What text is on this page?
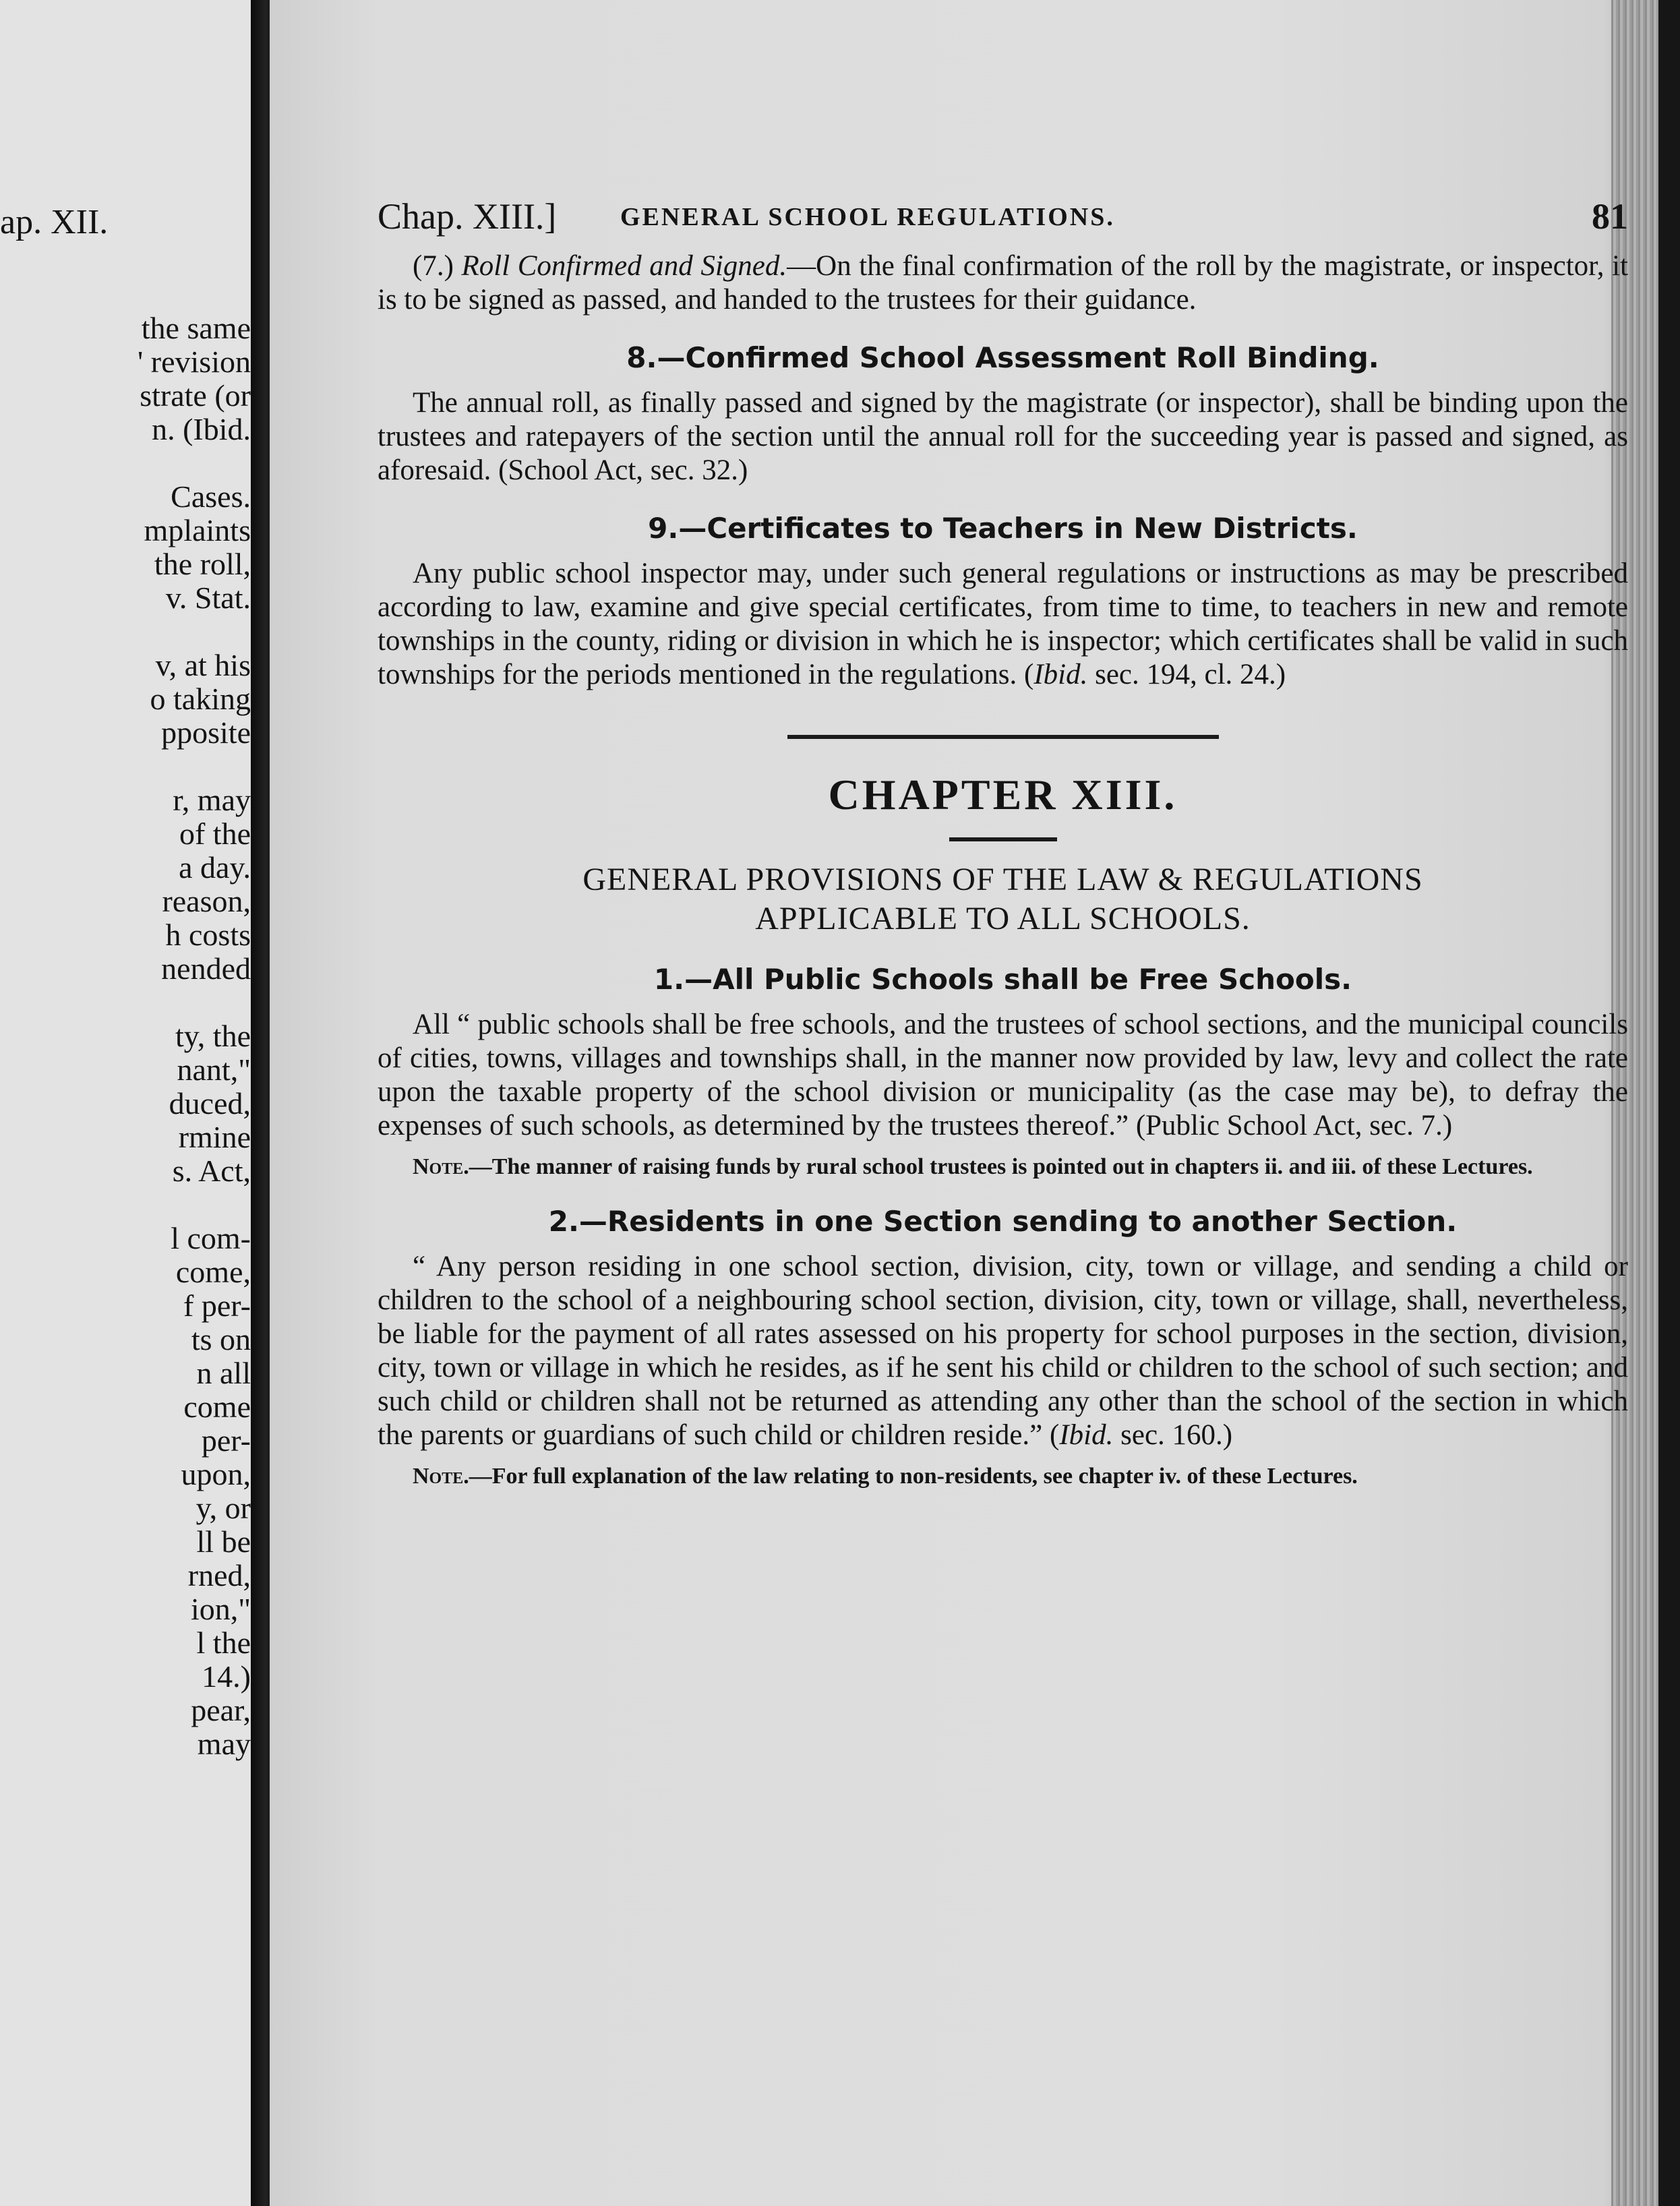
ap. XII.
the same
' revision
strate (or
n. (Ibid.
Cases.
mplaints
the roll,
v. Stat.
v, at his
o taking
pposite
r, may
of the
a day.
reason,
h costs
nended
ty, the
nant,"
duced,
rmine
s. Act,
l com-
come,
f per-
ts on
n all
come
per-
upon,
y, or
ll be
rned,
ion,"
l the
14.)
pear,
may
Chap. XIII.] GENERAL SCHOOL REGULATIONS.	81

(7.) Roll Confirmed and Signed.—On the final confirmation of the roll by the magistrate, or inspector, it is to be signed as passed, and handed to the trustees for their guidance.

8.—Confirmed School Assessment Roll Binding.

The annual roll, as finally passed and signed by the magistrate (or inspector), shall be binding upon the trustees and ratepayers of the section until the annual roll for the succeeding year is passed and signed, as aforesaid. (School Act, sec. 32.)

9.—Certificates to Teachers in New Districts.

Any public school inspector may, under such general regulations or instructions as may be prescribed according to law, examine and give special certificates, from time to time, to teachers in new and remote townships in the county, riding or division in which he is inspector; which certificates shall be valid in such townships for the periods mentioned in the regulations. (Ibid. sec. 194, cl. 24.)

CHAPTER XIII.

GENERAL PROVISIONS OF THE LAW & REGULATIONS

APPLICABLE TO ALL SCHOOLS.

1.—All Public Schools shall be Free Schools.

All “ public schools shall be free schools, and the trustees of school sections, and the municipal councils of cities, towns, villages and townships shall, in the manner now provided by law, levy and collect the rate upon the taxable property of the school division or municipality (as the case may be), to defray the expenses of such schools, as determined by the trustees thereof.” (Public School Act, sec. 7.)

Note.—The manner of raising funds by rural school trustees is pointed out in chapters ii. and iii. of these Lectures.

2.—Residents in one Section sending to another Section.

“ Any person residing in one school section, division, city, town or village, and sending a child or children to the school of a neighbouring school section, division, city, town or village, shall, nevertheless, be liable for the payment of all rates assessed on his property for school purposes in the section, division, city, town or village in which he resides, as if he sent his child or children to the school of such section; and such child or children shall not be returned as attending any other than the school of the section in which the parents or guardians of such child or children reside.” (Ibid. sec. 160.)

Note.—For full explanation of the law relating to non-residents, see chapter iv. of these Lectures.
